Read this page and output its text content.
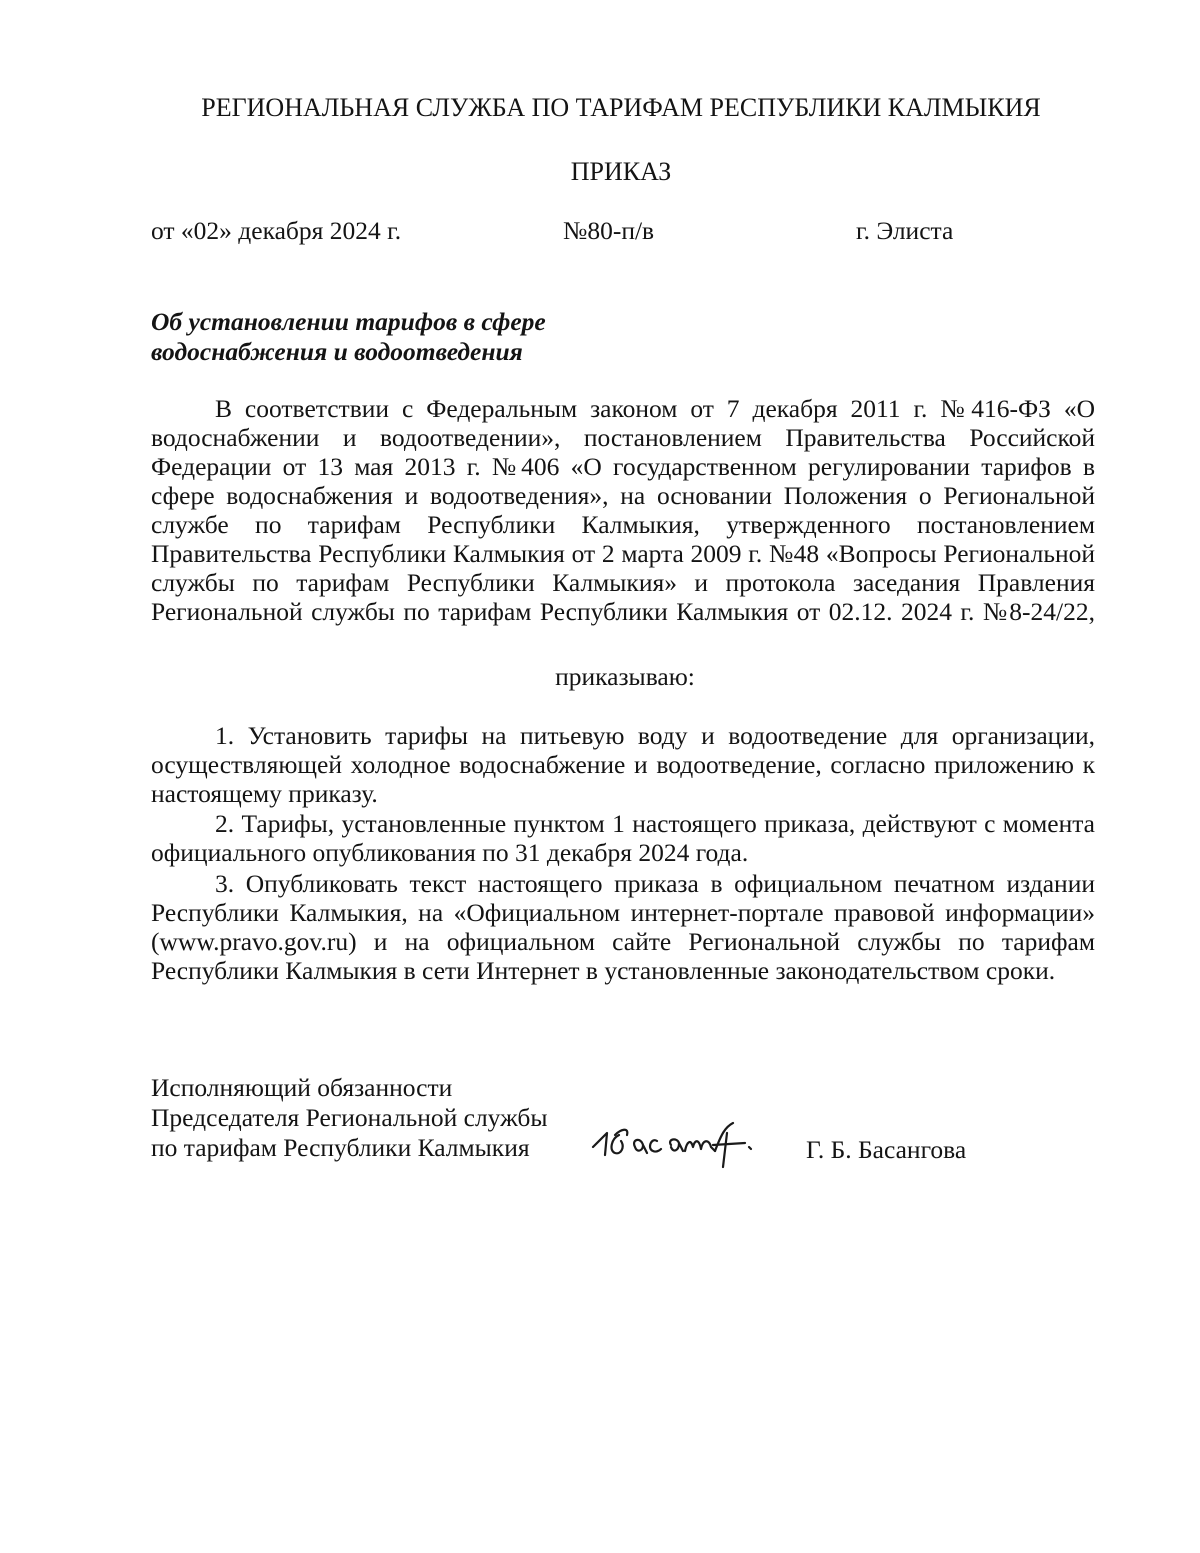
РЕГИОНАЛЬНАЯ СЛУЖБА ПО ТАРИФАМ РЕСПУБЛИКИ КАЛМЫКИЯ
ПРИКАЗ
от «02» декабря 2024 г.	№80-п/в	г. Элиста
Об установлении тарифов в сфере
водоснабжения и водоотведения
В соответствии с Федеральным законом от 7 декабря 2011 г. №416-ФЗ «О
водоснабжении и водоотведении», постановлением Правительства Российской
Федерации от 13 мая 2013 г. №406 «О государственном регулировании тарифов в
сфере водоснабжения и водоотведения», на основании Положения о Региональной
службе по тарифам Республики Калмыкия, утвержденного постановлением
Правительства Республики Калмыкия от 2 марта 2009 г. №48 «Вопросы Региональной
службы по тарифам Республики Калмыкия» и протокола заседания Правления
Региональной службы по тарифам Республики Калмыкия от 02.12. 2024 г. №8-24/22,
приказываю:
1. Установить тарифы на питьевую воду и водоотведение для организации,
осуществляющей холодное водоснабжение и водоотведение, согласно приложению к
настоящему приказу.
2. Тарифы, установленные пунктом 1 настоящего приказа, действуют с момента
официального опубликования по 31 декабря 2024 года.
3. Опубликовать текст настоящего приказа в официальном печатном издании
Республики Калмыкия, на «Официальном интернет-портале правовой информации»
(www.pravo.gov.ru) и на официальном сайте Региональной службы по тарифам
Республики Калмыкия в сети Интернет в установленные законодательством сроки.
Исполняющий обязанности
Председателя Региональной службы
по тарифам Республики Калмыкия	Г. Б. Басангова
